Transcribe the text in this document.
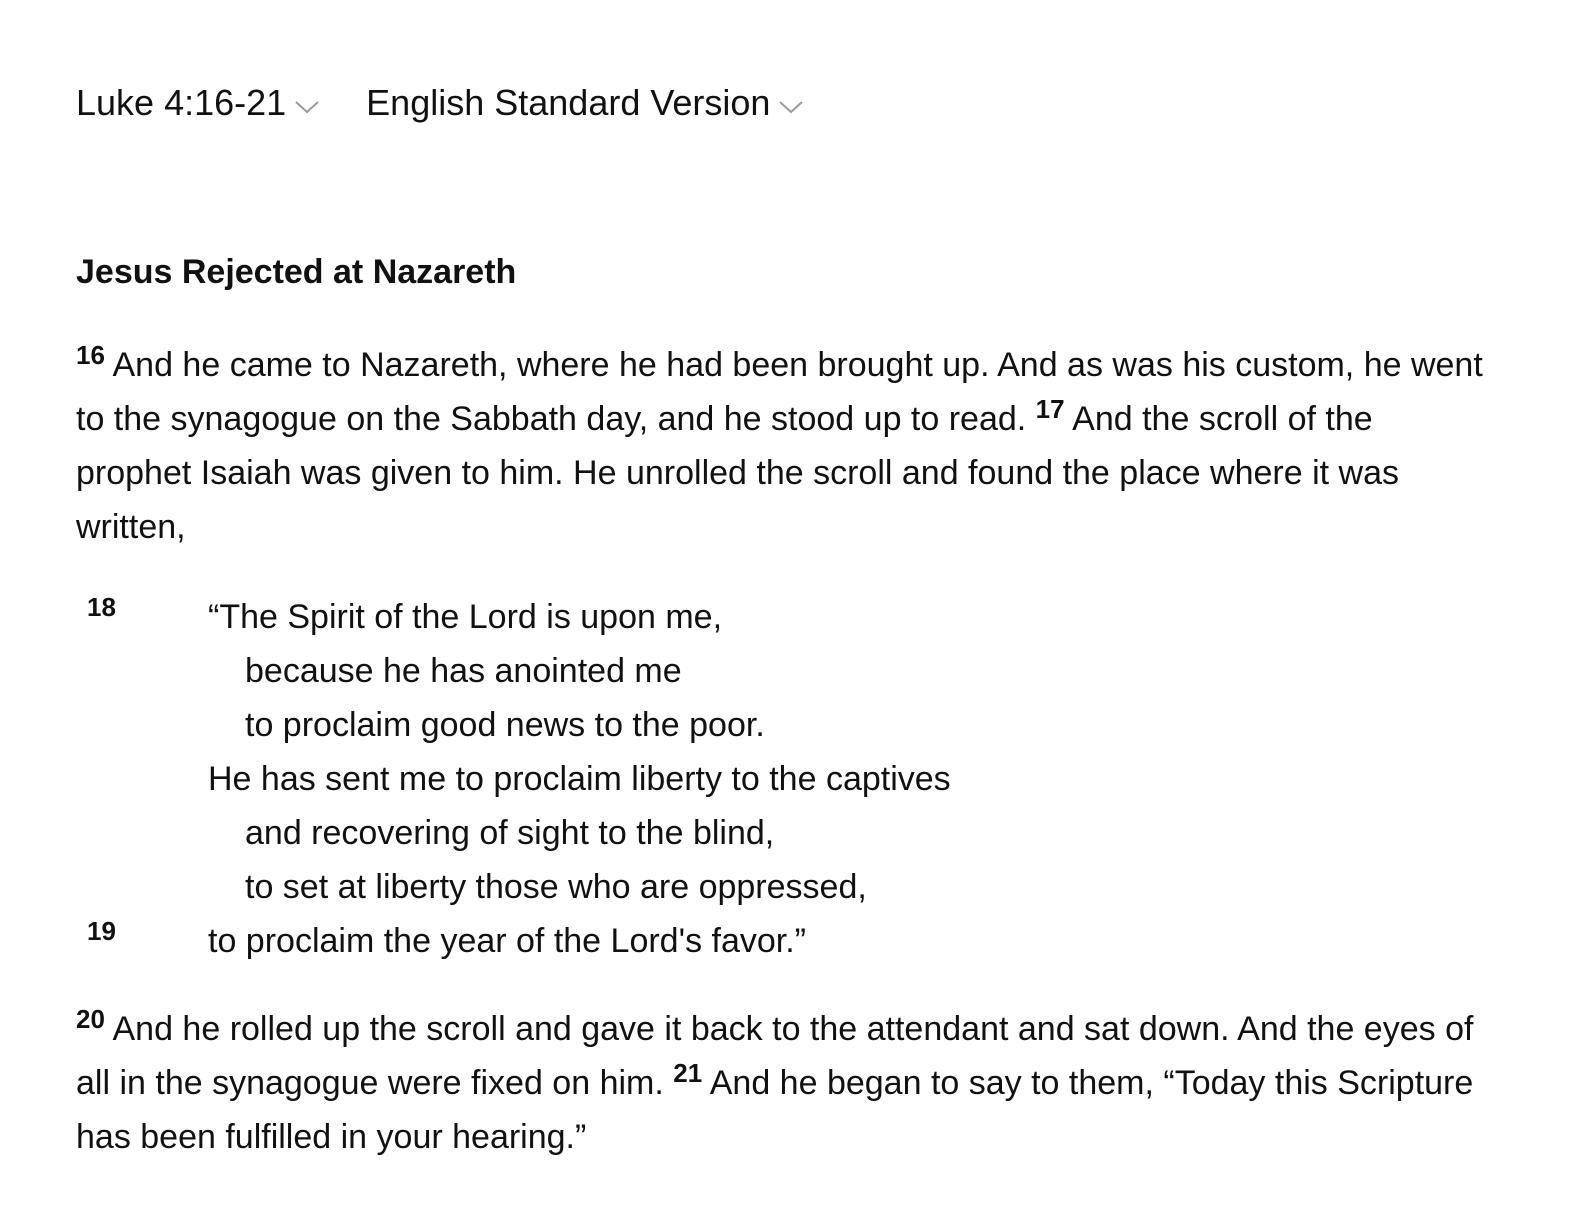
Luke 4:16-21 English Standard Version
Jesus Rejected at Nazareth

$^{16}$ And he came to Nazareth, where he had been brought up. And as was his custom, he went to the synagogue on the Sabbath day, and he stood up to read. $^{17}$ And the scroll of the prophet Isaiah was given to him. He unrolled the scroll and found the place where it was written,

18	“The Spirit of the Lord is upon me,
because he has anointed me
to proclaim good news to the poor.
He has sent me to proclaim liberty to the captives
and recovering of sight to the blind,
to set at liberty those who are oppressed,
19	to proclaim the year of the Lord's favor.”

$^{20}$ And he rolled up the scroll and gave it back to the attendant and sat down. And the eyes of all in the synagogue were fixed on him. $^{21}$ And he began to say to them, “Today this Scripture has been fulfilled in your hearing.”
